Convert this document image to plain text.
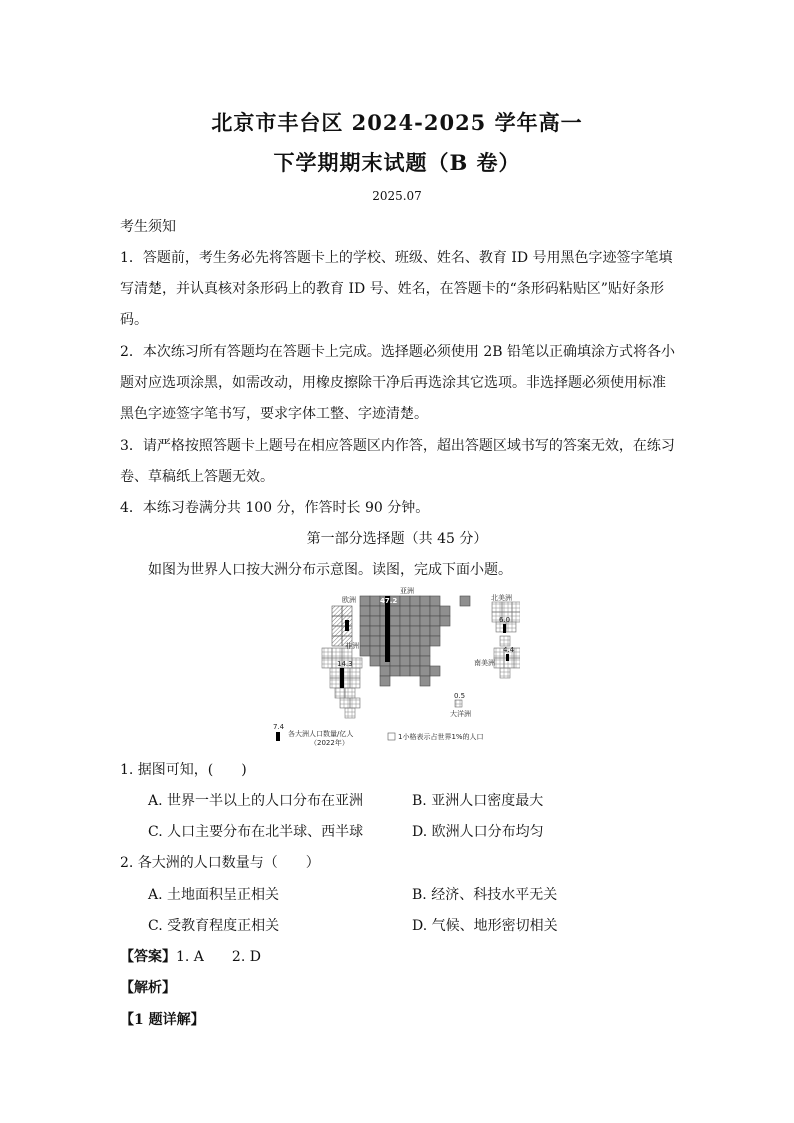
北京市丰台区 2024-2025 学年高一
下学期期末试题（B 卷）
2025.07
考生须知
1．答题前，考生务必先将答题卡上的学校、班级、姓名、教育 ID 号用黑色字迹签字笔填
写清楚，并认真核对条形码上的教育 ID 号、姓名，在答题卡的“条形码粘贴区”贴好条形
码。
2．本次练习所有答题均在答题卡上完成。选择题必须使用 2B 铅笔以正确填涂方式将各小
题对应选项涂黑，如需改动，用橡皮擦除干净后再选涂其它选项。非选择题必须使用标准
黑色字迹签字笔书写，要求字体工整、字迹清楚。
3．请严格按照答题卡上题号在相应答题区内作答，超出答题区域书写的答案无效，在练习
卷、草稿纸上答题无效。
4．本练习卷满分共 100 分，作答时长 90 分钟。
第一部分选择题（共 45 分）
如图为世界人口按大洲分布示意图。读图，完成下面小题。
欧洲
亚洲
北美洲
非洲
南美洲
大洋洲
47.2
14.3
6.0
4.4
0.5
7.4
各大洲人口数量/亿人
（2022年）
1小格表示占世界1%的人口
1. 据图可知，(　　)
A. 世界一半以上的人口分布在亚洲	B. 亚洲人口密度最大
C. 人口主要分布在北半球、西半球	D. 欧洲人口分布均匀
2. 各大洲的人口数量与（　　）
A. 土地面积呈正相关	B. 经济、科技水平无关
C. 受教育程度正相关	D. 气候、地形密切相关
【答案】1. A　　2. D
【解析】
【1 题详解】
